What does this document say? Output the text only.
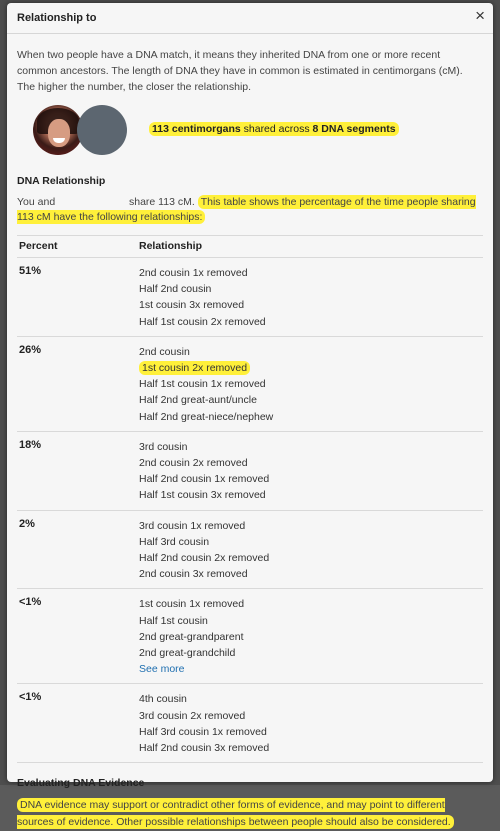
Relationship to	×

When two people have a DNA match, it means they inherited DNA from one or more recent common ancestors. The length of DNA they have in common is estimated in centimorgans (cM). The higher the number, the closer the relationship.

113 centimorgans shared across 8 DNA segments
DNA Relationship

You and	share 113 cM. This table shows the percentage of the time people sharing 113 cM have the following relationships:

Percent	Relationship
51%	2nd cousin 1x removed
Half 2nd cousin
1st cousin 3x removed
Half 1st cousin 2x removed
26%	2nd cousin
1st cousin 2x removed
Half 1st cousin 1x removed
Half 2nd great-aunt/uncle
Half 2nd great-niece/nephew
18%	3rd cousin
2nd cousin 2x removed
Half 2nd cousin 1x removed
Half 1st cousin 3x removed
2%	3rd cousin 1x removed
Half 3rd cousin
Half 2nd cousin 2x removed
2nd cousin 3x removed
<1%	1st cousin 1x removed
Half 1st cousin
2nd great-grandparent
2nd great-grandchild
See more
<1%	4th cousin
3rd cousin 2x removed
Half 3rd cousin 1x removed
Half 2nd cousin 3x removed
Evaluating DNA Evidence

DNA evidence may support or contradict other forms of evidence, and may point to different sources of evidence. Other possible relationships between people should also be considered.
